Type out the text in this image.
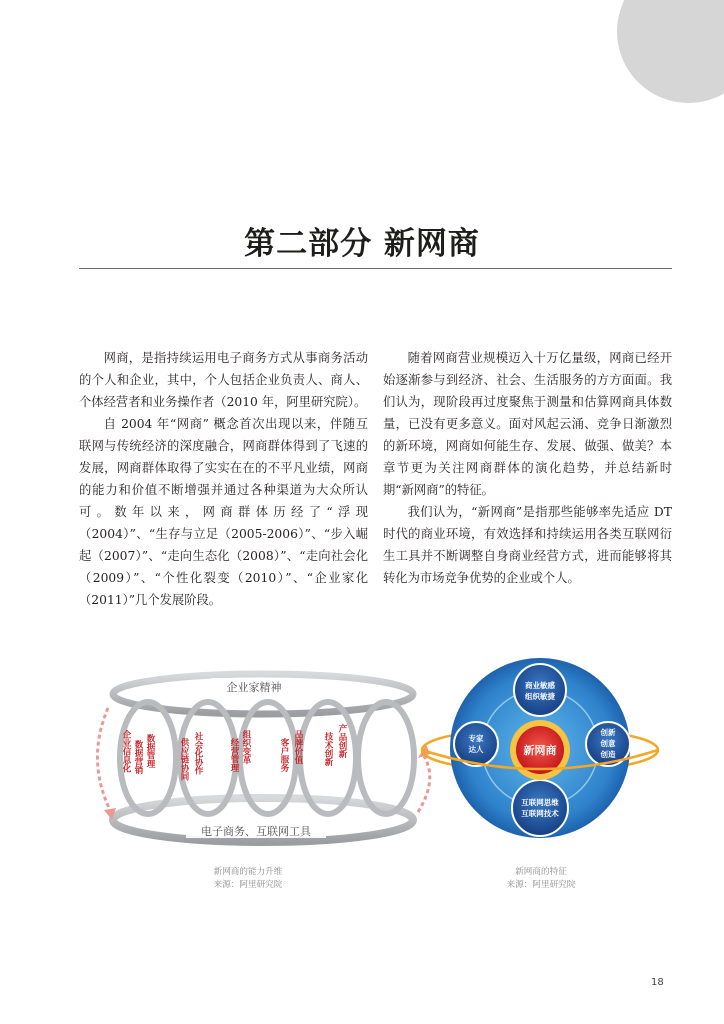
第二部分 新网商

网商，是指持续运用电子商务方式从事商务活动的个人和企业，其中，个人包括企业负责人、商人、个体经营者和业务操作者（2010 年，阿里研究院）。

自 2004 年“网商” 概念首次出现以来，伴随互联网与传统经济的深度融合，网商群体得到了飞速的发展，网商群体取得了实实在在的不平凡业绩，网商的能力和价值不断增强并通过各种渠道为大众所认可。数年以来，网商群体历经了“浮现（2004）”、“生存与立足（2005-2006）”、“步入崛起（2007）”、“走向生态化（2008）”、“走向社会化（2009）”、“个性化裂变（2010）”、“企业家化（2011）”几个发展阶段。

随着网商营业规模迈入十万亿量级，网商已经开始逐渐参与到经济、社会、生活服务的方方面面。我们认为，现阶段再过度聚焦于测量和估算网商具体数量，已没有更多意义。面对风起云涌、竞争日渐激烈的新环境，网商如何能生存、发展、做强、做美？本章节更为关注网商群体的演化趋势，并总结新时期“新网商”的特征。

我们认为，“新网商”是指那些能够率先适应 DT 时代的商业环境，有效选择和持续运用各类互联网衍生工具并不断调整自身商业经营方式，进而能够将其转化为市场竞争优势的企业或个人。

企业家精神
电子商务、互联网工具
企业信息化 数据管理
数据营销	供应链协同 社会化协作	组织变革
经营管理	客户服务 品牌价值 技术创新 产品创新	新网商
商业敏感
组织敏捷
专家
达人
创新
创意
创造
互联网思维
互联网技术
新网商的能力升维
来源：阿里研究院
新网商的特征
来源：阿里研究院
18
